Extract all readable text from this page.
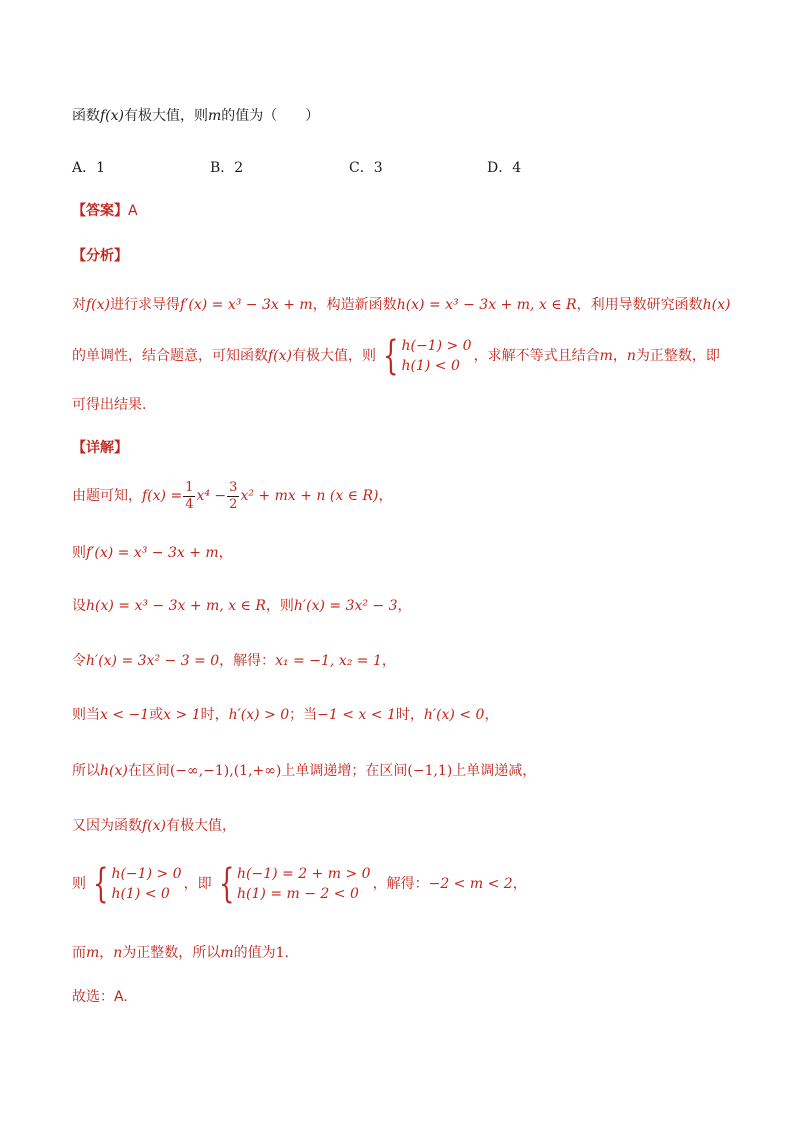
函数f(x)有极大值，则m的值为（　　）
A．1	B．2	C．3	D．4
【答案】A
【分析】
对f(x)进行求导得f′(x) = x³ − 3x + m，构造新函数h(x) = x³ − 3x + m, x ∈ R，利用导数研究函数h(x)
的单调性，结合题意，可知函数 f(x) 有极大值，则 { h(−1) > 0
h(1) < 0
，求解不等式且结合 m ， n 为正整数，即
可得出结果.
【详解】
由题可知， $f(x) = \frac{1}{4} x^4 - \frac{3}{2} x^2$ + mx + n (x ∈ R) ，
则f′(x) = x³ − 3x + m，
设h(x) = x³ − 3x + m, x ∈ R，则h′(x) = 3x² − 3，
令h′(x) = 3x² − 3 = 0，解得：x₁ = −1, x₂ = 1，
则当x < −1或x > 1时，h′(x) > 0；当−1 < x < 1时，h′(x) < 0，
所以h(x)在区间(−∞,−1),(1,+∞)上单调递增；在区间(−1,1)上单调递减，
又因为函数f(x)有极大值，
则 { h(−1) > 0
h(1) < 0
，即 { h(−1) = 2 + m > 0
h(1) = m − 2 < 0
，解得： −2 < m < 2 ，
而m，n为正整数，所以m的值为1.
故选：A.
